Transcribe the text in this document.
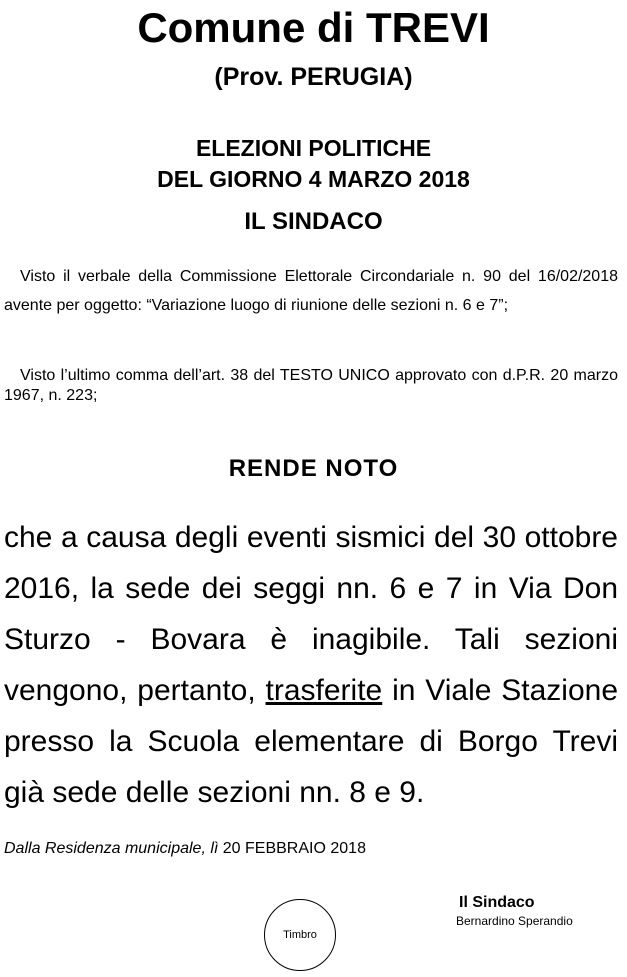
Comune di TREVI
(Prov. PERUGIA)
ELEZIONI POLITICHE
DEL GIORNO 4 MARZO 2018
IL SINDACO
Visto il verbale della Commissione Elettorale Circondariale n. 90 del 16/02/2018 avente per oggetto: “Variazione luogo di riunione delle sezioni n. 6 e 7”;
Visto l’ultimo comma dell’art. 38 del TESTO UNICO approvato con d.P.R. 20 marzo 1967, n. 223;
RENDE NOTO
che a causa degli eventi sismici del 30 ottobre 2016, la sede dei seggi nn. 6 e 7 in Via Don Sturzo - Bovara è inagibile. Tali sezioni vengono, pertanto, trasferite in Viale Stazione presso la Scuola elementare di Borgo Trevi già sede delle sezioni nn. 8 e 9.
Dalla Residenza municipale, lì 20 FEBBRAIO 2018
Timbro
Il Sindaco
Bernardino Sperandio
